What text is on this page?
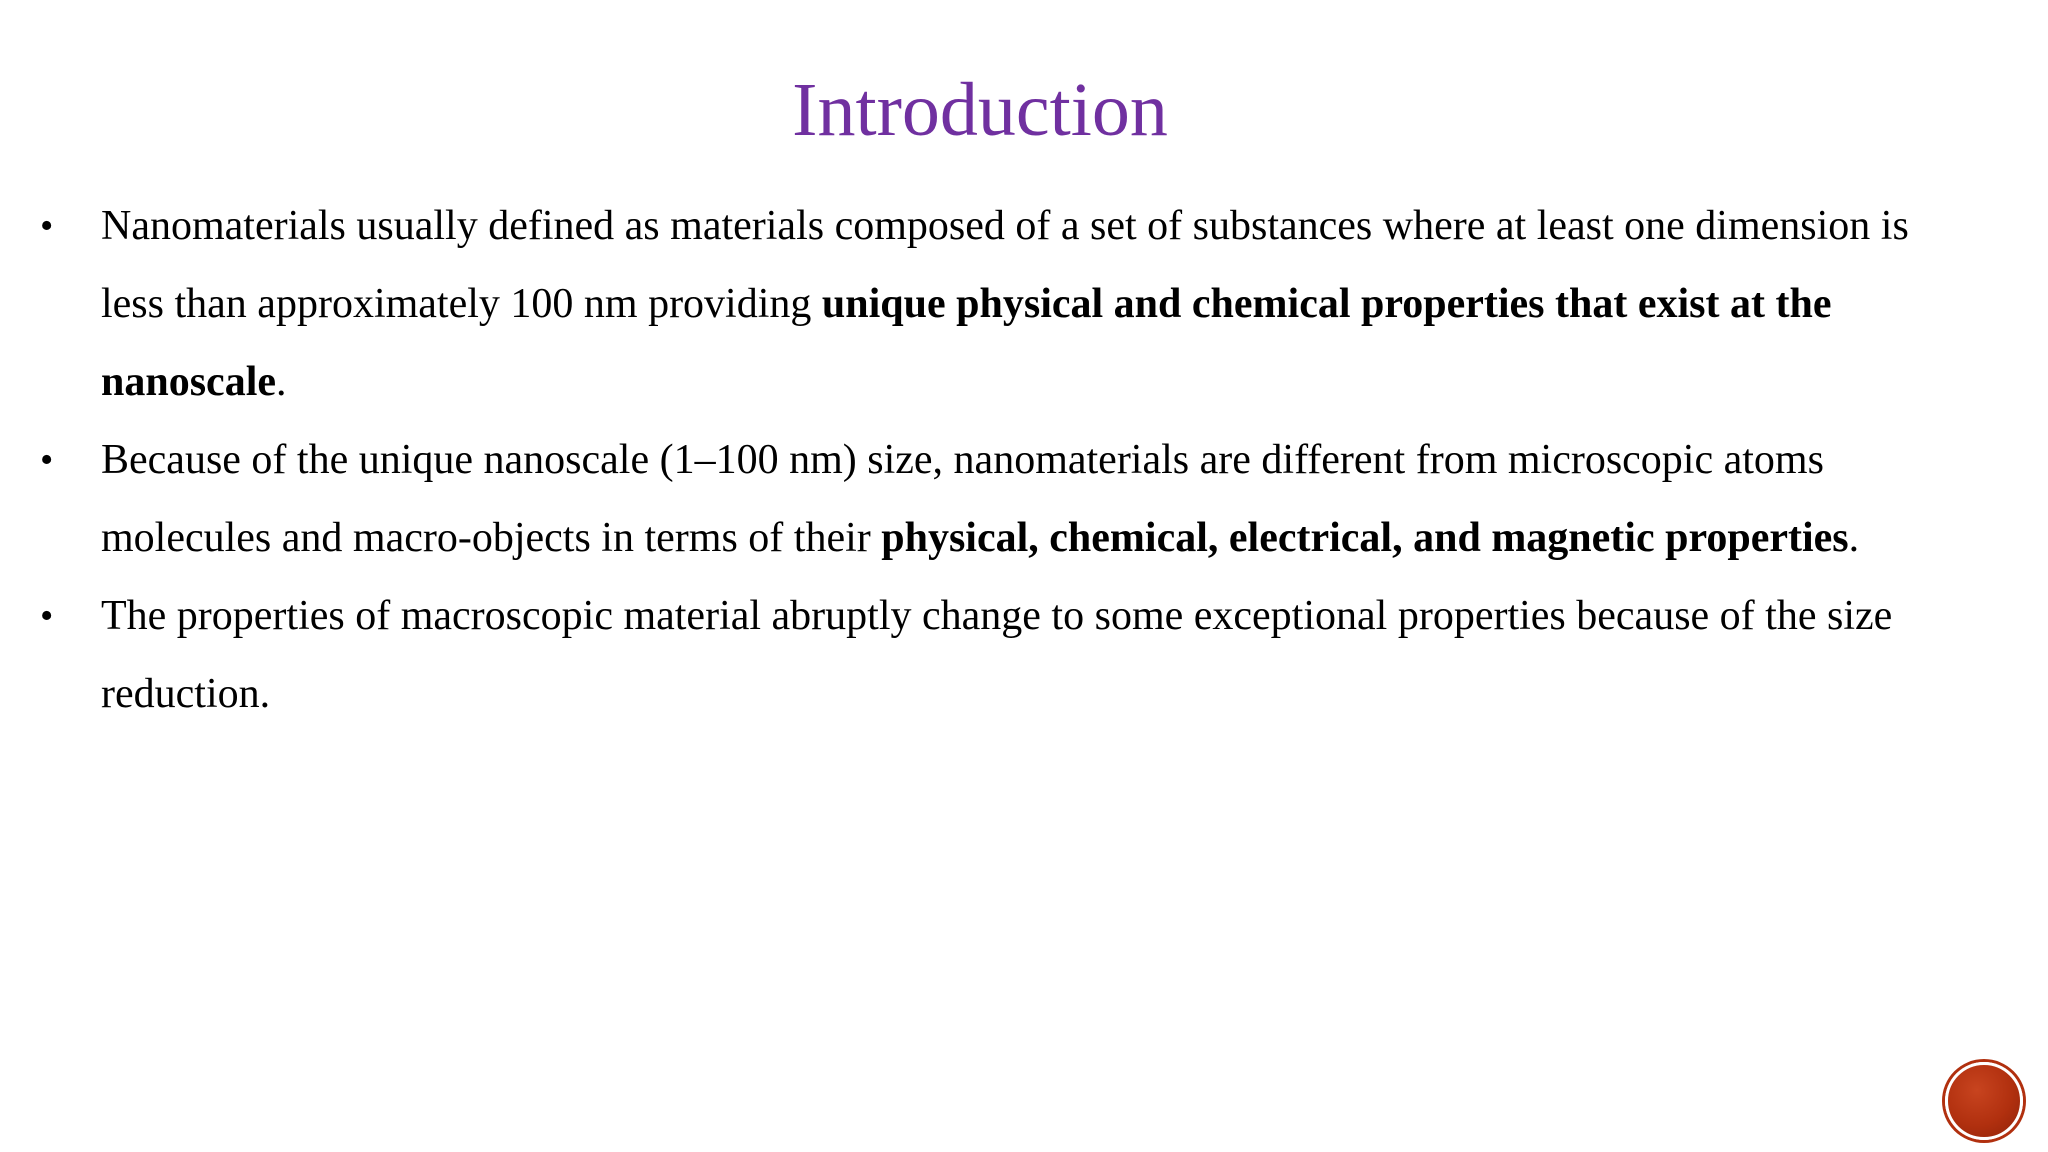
Introduction
• Nanomaterials usually defined as materials composed of a set of substances where at least one dimension is less than approximately 100 nm providing unique physical and chemical properties that exist at the nanoscale.
• Because of the unique nanoscale (1–100 nm) size, nanomaterials are different from microscopic atoms molecules and macro-objects in terms of their physical, chemical, electrical, and magnetic properties.
• The properties of macroscopic material abruptly change to some exceptional properties because of the size reduction.
